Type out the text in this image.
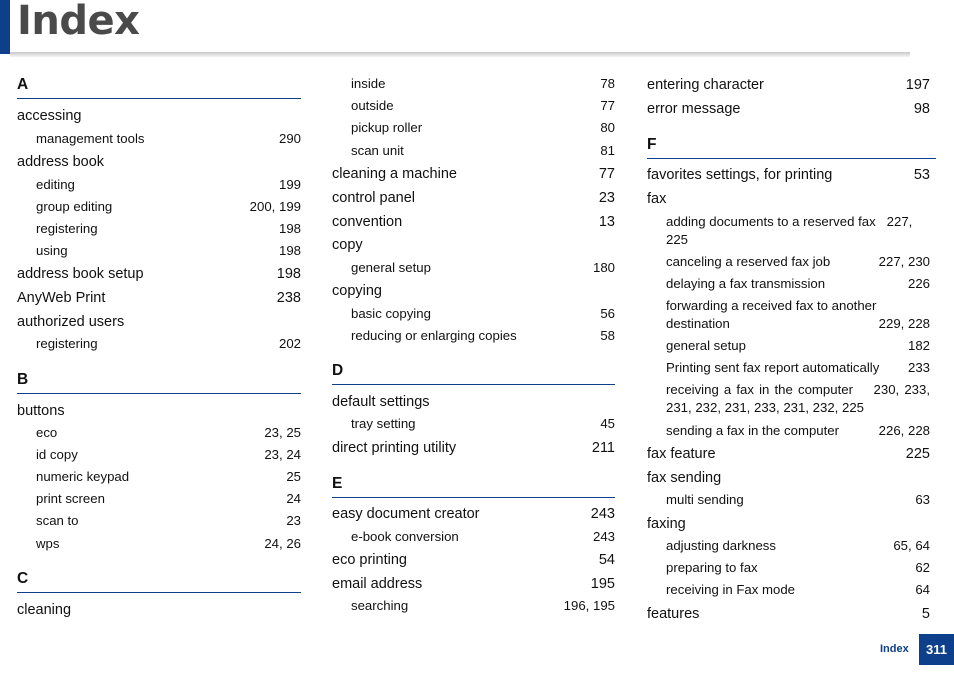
Index
A
accessing
management tools	290
address book
editing	199
group editing	200, 199
registering	198
using	198
address book setup	198
AnyWeb Print	238
authorized users
registering	202
B
buttons
eco	23, 25
id copy	23, 24
numeric keypad	25
print screen	24
scan to	23
wps	24, 26
C
cleaning
inside	78
outside	77
pickup roller	80
scan unit	81
cleaning a machine	77
control panel	23
convention	13
copy
general setup	180
copying
basic copying	56
reducing or enlarging copies	58
D
default settings
tray setting	45
direct printing utility	211
E
easy document creator	243
e-book conversion	243
eco printing	54
email address	195
searching	196, 195
entering character	197
error message	98
F
favorites settings, for printing	53
fax
adding documents to a reserved fax 227, 225
canceling a reserved fax job	227, 230
delaying a fax transmission	226
forwarding a received fax to another destination	229, 228
general setup	182
Printing sent fax report automatically 233
receiving a fax in the computer 230, 233, 231, 232, 231, 233, 231, 232, 225
sending a fax in the computer	226, 228
fax feature	225
fax sending
multi sending	63
faxing
adjusting darkness	65, 64
preparing to fax	62
receiving in Fax mode	64
features	5
Index	311
